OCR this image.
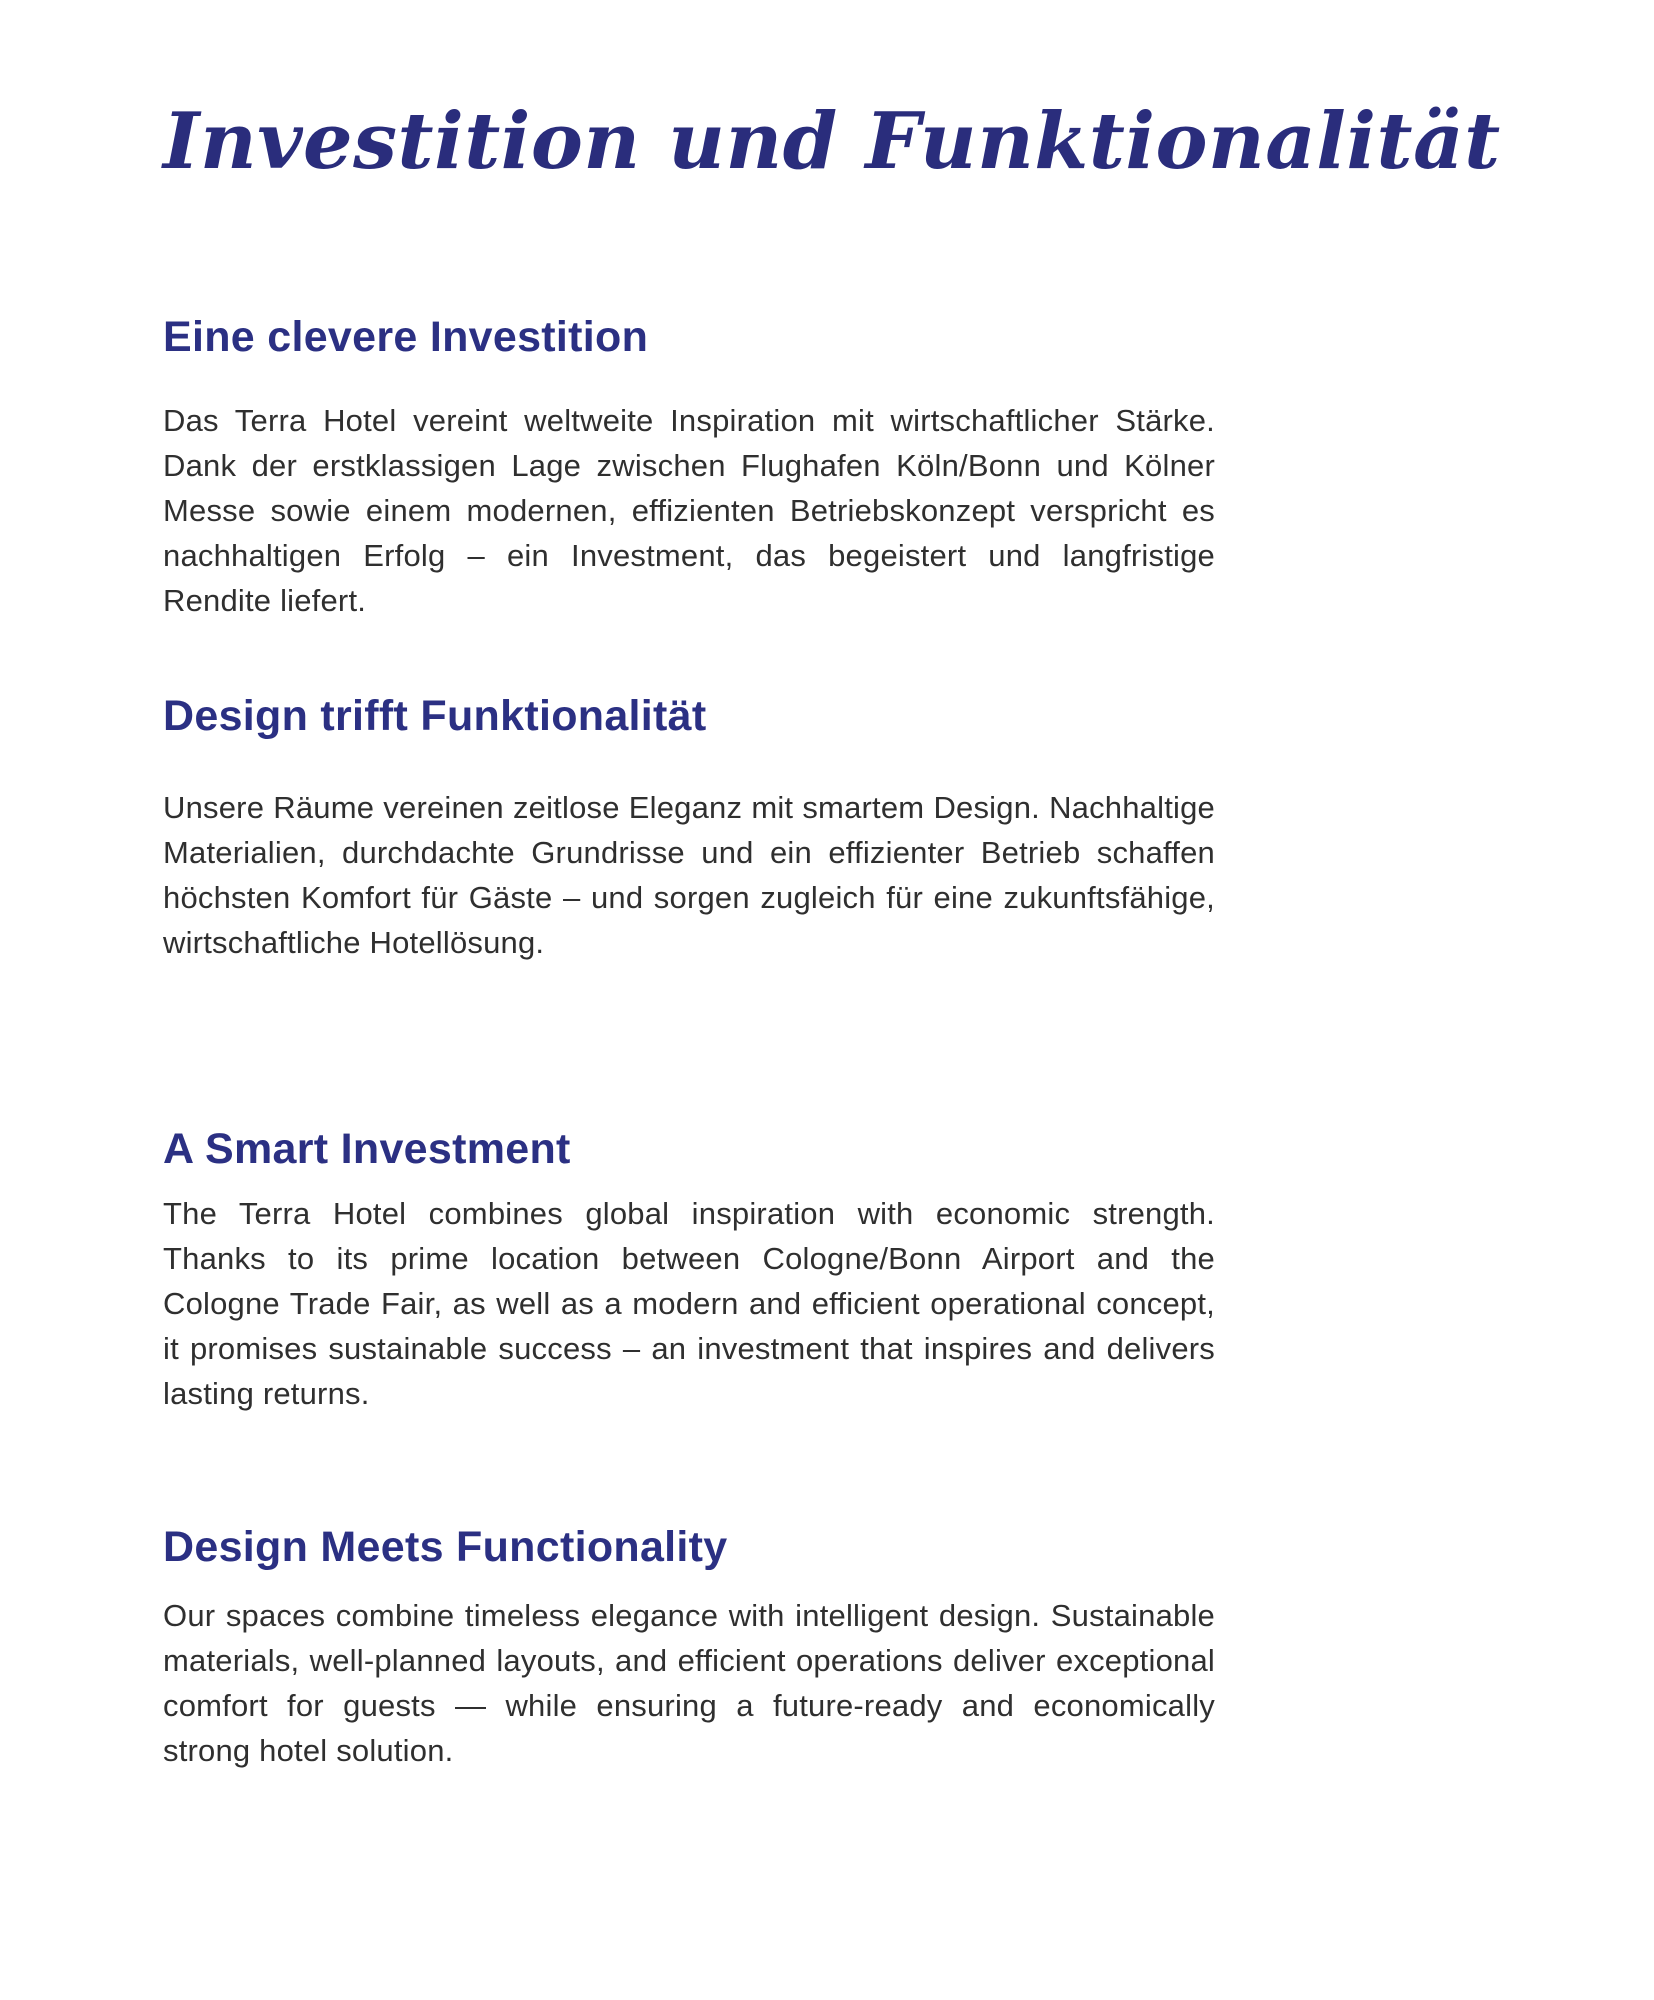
Investition und Funktionalität
Eine clevere Investition

Das Terra Hotel vereint weltweite Inspiration mit wirtschaftlicher Stärke. Dank der erstklassigen Lage zwischen Flughafen Köln/Bonn und Kölner Messe sowie einem modernen, effizienten Betriebskonzept verspricht es nachhaltigen Erfolg – ein Investment, das begeistert und langfristige Rendite liefert.

Design trifft Funktionalität

Unsere Räume vereinen zeitlose Eleganz mit smartem Design. Nachhaltige Materialien, durchdachte Grundrisse und ein effizienter Betrieb schaffen höchsten Komfort für Gäste – und sorgen zugleich für eine zukunftsfähige, wirtschaftliche Hotellösung.

A Smart Investment

The Terra Hotel combines global inspiration with economic strength. Thanks to its prime location between Cologne/Bonn Airport and the Cologne Trade Fair, as well as a modern and efficient operational concept, it promises sustainable success – an investment that inspires and delivers lasting returns.

Design Meets Functionality

Our spaces combine timeless elegance with intelligent design. Sustainable materials, well-planned layouts, and efficient operations deliver exceptional comfort for guests — while ensuring a future-ready and economically strong hotel solution.
